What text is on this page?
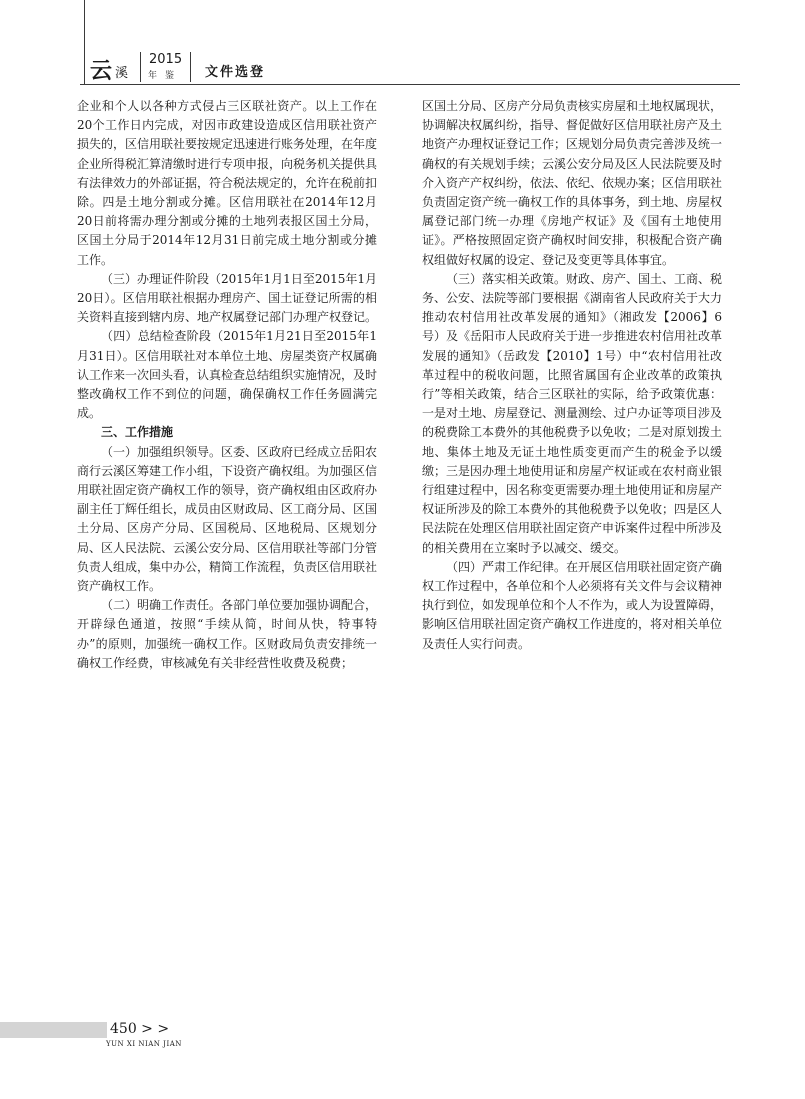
云 溪
2015
年鉴 文件选登

企业和个人以各种方式侵占三区联社资产。以上工作在20个工作日内完成，对因市政建设造成区信用联社资产损失的，区信用联社要按规定迅速进行账务处理，在年度企业所得税汇算清缴时进行专项申报，向税务机关提供具有法律效力的外部证据，符合税法规定的，允许在税前扣除。四是土地分割或分摊。区信用联社在2014年12月20日前将需办理分割或分摊的土地列表报区国土分局，区国土分局于2014年12月31日前完成土地分割或分摊工作。

（三）办理证件阶段（2015年1月1日至2015年1月20日）。区信用联社根据办理房产、国土证登记所需的相关资料直接到辖内房、地产权属登记部门办理产权登记。

（四）总结检查阶段（2015年1月21日至2015年1月31日）。区信用联社对本单位土地、房屋类资产权属确认工作来一次回头看，认真检查总结组织实施情况，及时整改确权工作不到位的问题，确保确权工作任务圆满完成。

三、工作措施

（一）加强组织领导。区委、区政府已经成立岳阳农商行云溪区筹建工作小组，下设资产确权组。为加强区信用联社固定资产确权工作的领导，资产确权组由区政府办副主任丁辉任组长，成员由区财政局、区工商分局、区国土分局、区房产分局、区国税局、区地税局、区规划分局、区人民法院、云溪公安分局、区信用联社等部门分管负责人组成，集中办公，精简工作流程，负责区信用联社资产确权工作。

（二）明确工作责任。各部门单位要加强协调配合，开辟绿色通道，按照“手续从简，时间从快，特事特办”的原则，加强统一确权工作。区财政局负责安排统一确权工作经费，审核减免有关非经营性收费及税费；

区国土分局、区房产分局负责核实房屋和土地权属现状，协调解决权属纠纷，指导、督促做好区信用联社房产及土地资产办理权证登记工作；区规划分局负责完善涉及统一确权的有关规划手续；云溪公安分局及区人民法院要及时介入资产产权纠纷，依法、依纪、依规办案；区信用联社负责固定资产统一确权工作的具体事务，到土地、房屋权属登记部门统一办理《房地产权证》及《国有土地使用证》。严格按照固定资产确权时间安排，积极配合资产确权组做好权属的设定、登记及变更等具体事宜。

（三）落实相关政策。财政、房产、国土、工商、税务、公安、法院等部门要根据《湖南省人民政府关于大力推动农村信用社改革发展的通知》（湘政发【2006】6号）及《岳阳市人民政府关于进一步推进农村信用社改革发展的通知》（岳政发【2010】1号）中“农村信用社改革过程中的税收问题，比照省属国有企业改革的政策执行”等相关政策，结合三区联社的实际，给予政策优惠：一是对土地、房屋登记、测量测绘、过户办证等项目涉及的税费除工本费外的其他税费予以免收；二是对原划拨土地、集体土地及无证土地性质变更而产生的税金予以缓缴；三是因办理土地使用证和房屋产权证或在农村商业银行组建过程中，因名称变更需要办理土地使用证和房屋产权证所涉及的除工本费外的其他税费予以免收；四是区人民法院在处理区信用联社固定资产申诉案件过程中所涉及的相关费用在立案时予以减交、缓交。

（四）严肃工作纪律。在开展区信用联社固定资产确权工作过程中，各单位和个人必须将有关文件与会议精神执行到位，如发现单位和个人不作为，或人为设置障碍，影响区信用联社固定资产确权工作进度的，将对相关单位及责任人实行问责。

450 > >
YUN XI NIAN JIAN
